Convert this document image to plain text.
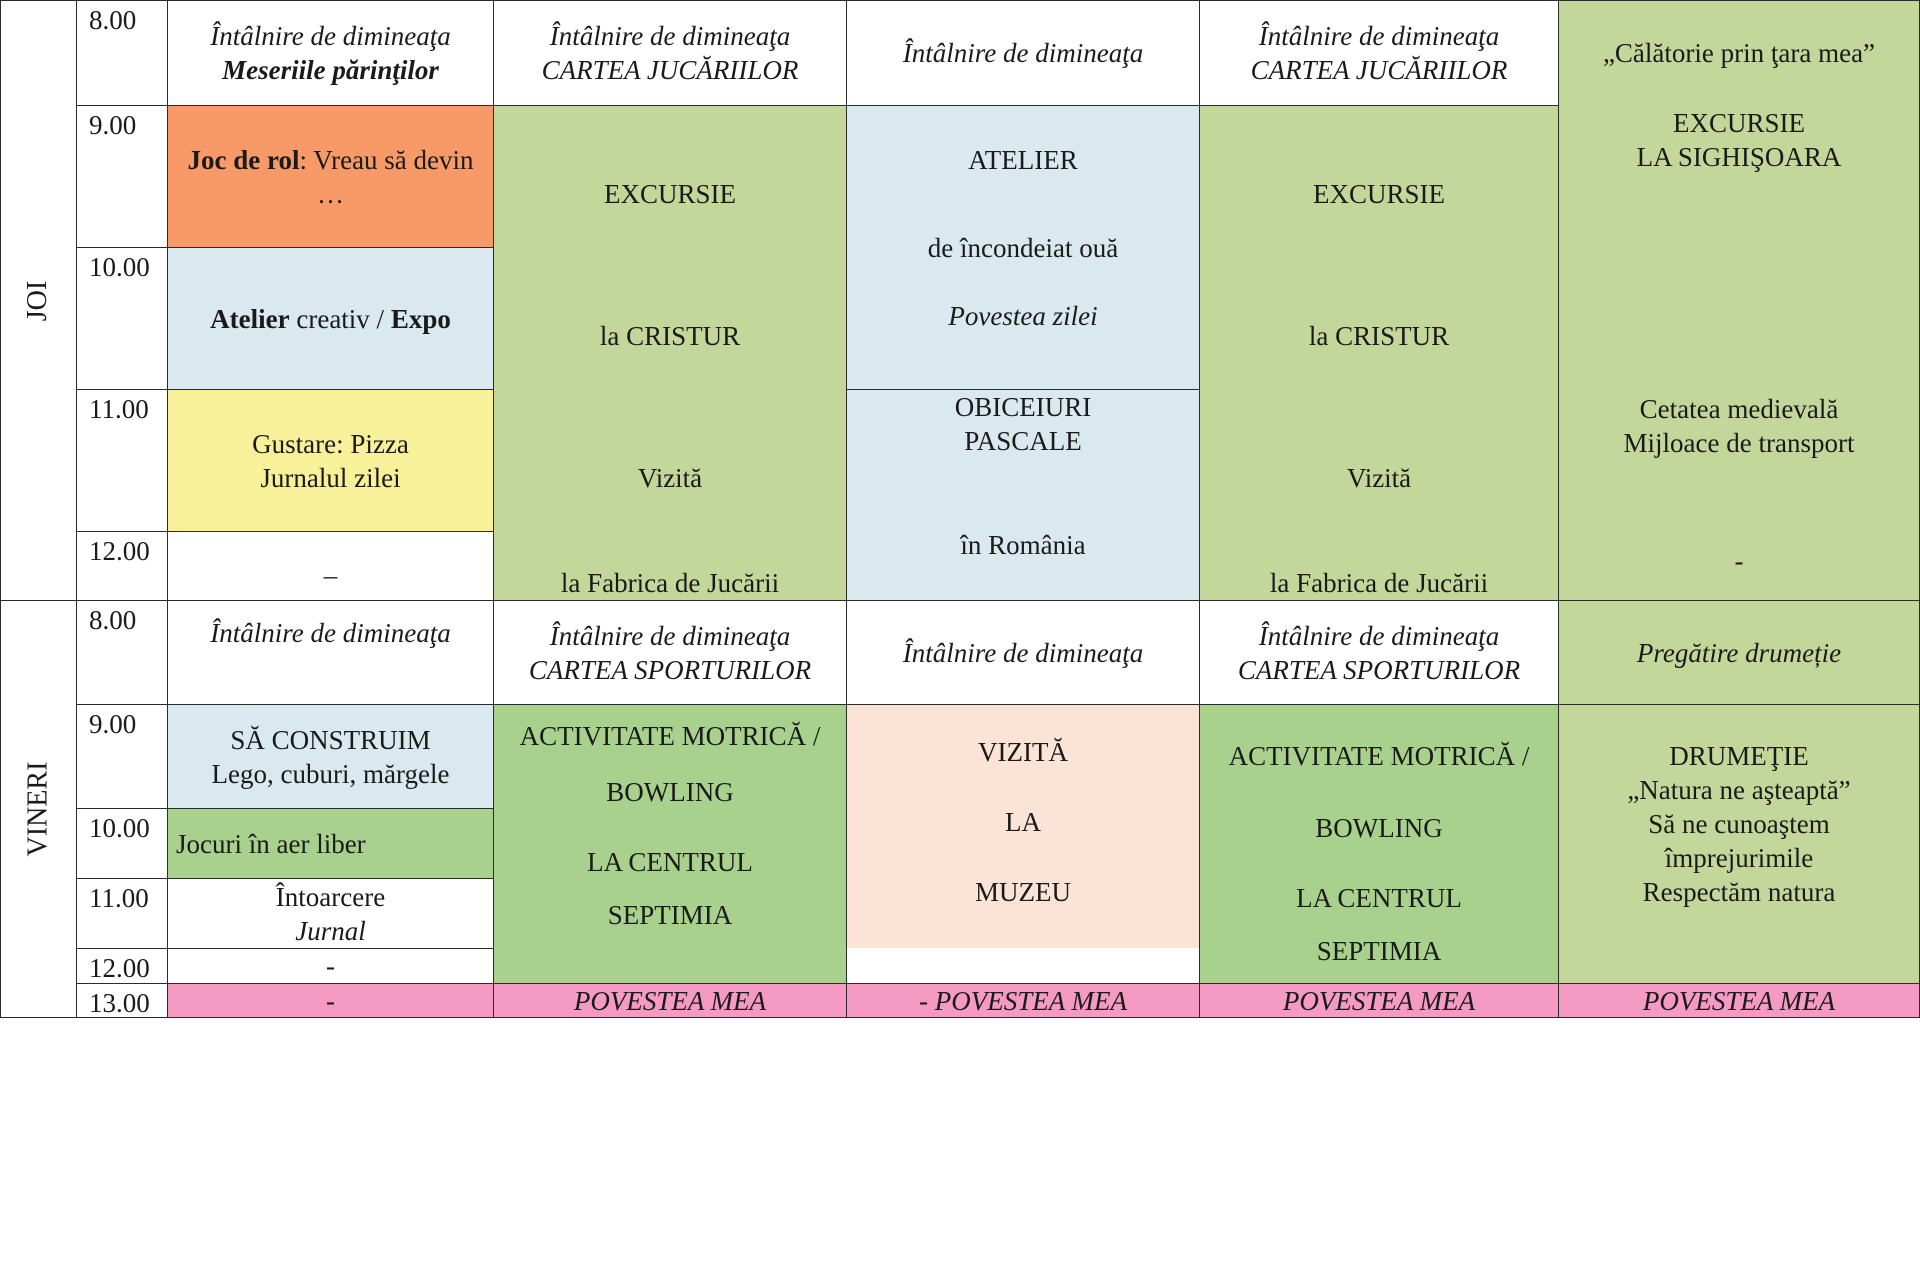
JOI
VINERI
8.00
9.00
10.00
11.00
12.00
Întâlnire de dimineaţa
Meseriile părinţilor
Joc de rol: Vreau să devin …
Atelier creativ / Expo
Gustare: Pizza
Jurnalul zilei
_
Întâlnire de dimineaţa
CARTEA JUCĂRIILOR
EXCURSIE
la CRISTUR
Vizită
la Fabrica de Jucării
Întâlnire de dimineaţa
ATELIER
de încondeiat ouă
Povestea zilei
OBICEIURI PASCALE
în România
Întâlnire de dimineaţa
CARTEA JUCĂRIILOR
EXCURSIE
la CRISTUR
Vizită
la Fabrica de Jucării
„Călătorie prin ţara mea”
EXCURSIE
LA SIGHIŞOARA
Cetatea medievală
Mijloace de transport
-
8.00
9.00
10.00
11.00
12.00
13.00
Întâlnire de dimineaţa
SĂ CONSTRUIM
Lego, cuburi, mărgele
Jocuri în aer liber
Întoarcere
Jurnal
-
-
Întâlnire de dimineaţa
CARTEA SPORTURILOR
ACTIVITATE MOTRICĂ /
BOWLING
LA CENTRUL
SEPTIMIA
POVESTEA MEA
Întâlnire de dimineaţa
VIZITĂ
LA
MUZEU
- POVESTEA MEA
Întâlnire de dimineaţa
CARTEA SPORTURILOR
ACTIVITATE MOTRICĂ /
BOWLING
LA CENTRUL
SEPTIMIA
POVESTEA MEA
Pregătire drumeție
DRUMEŢIE
„Natura ne aşteaptă”
Să ne cunoaştem împrejurimile
Respectăm natura
POVESTEA MEA
